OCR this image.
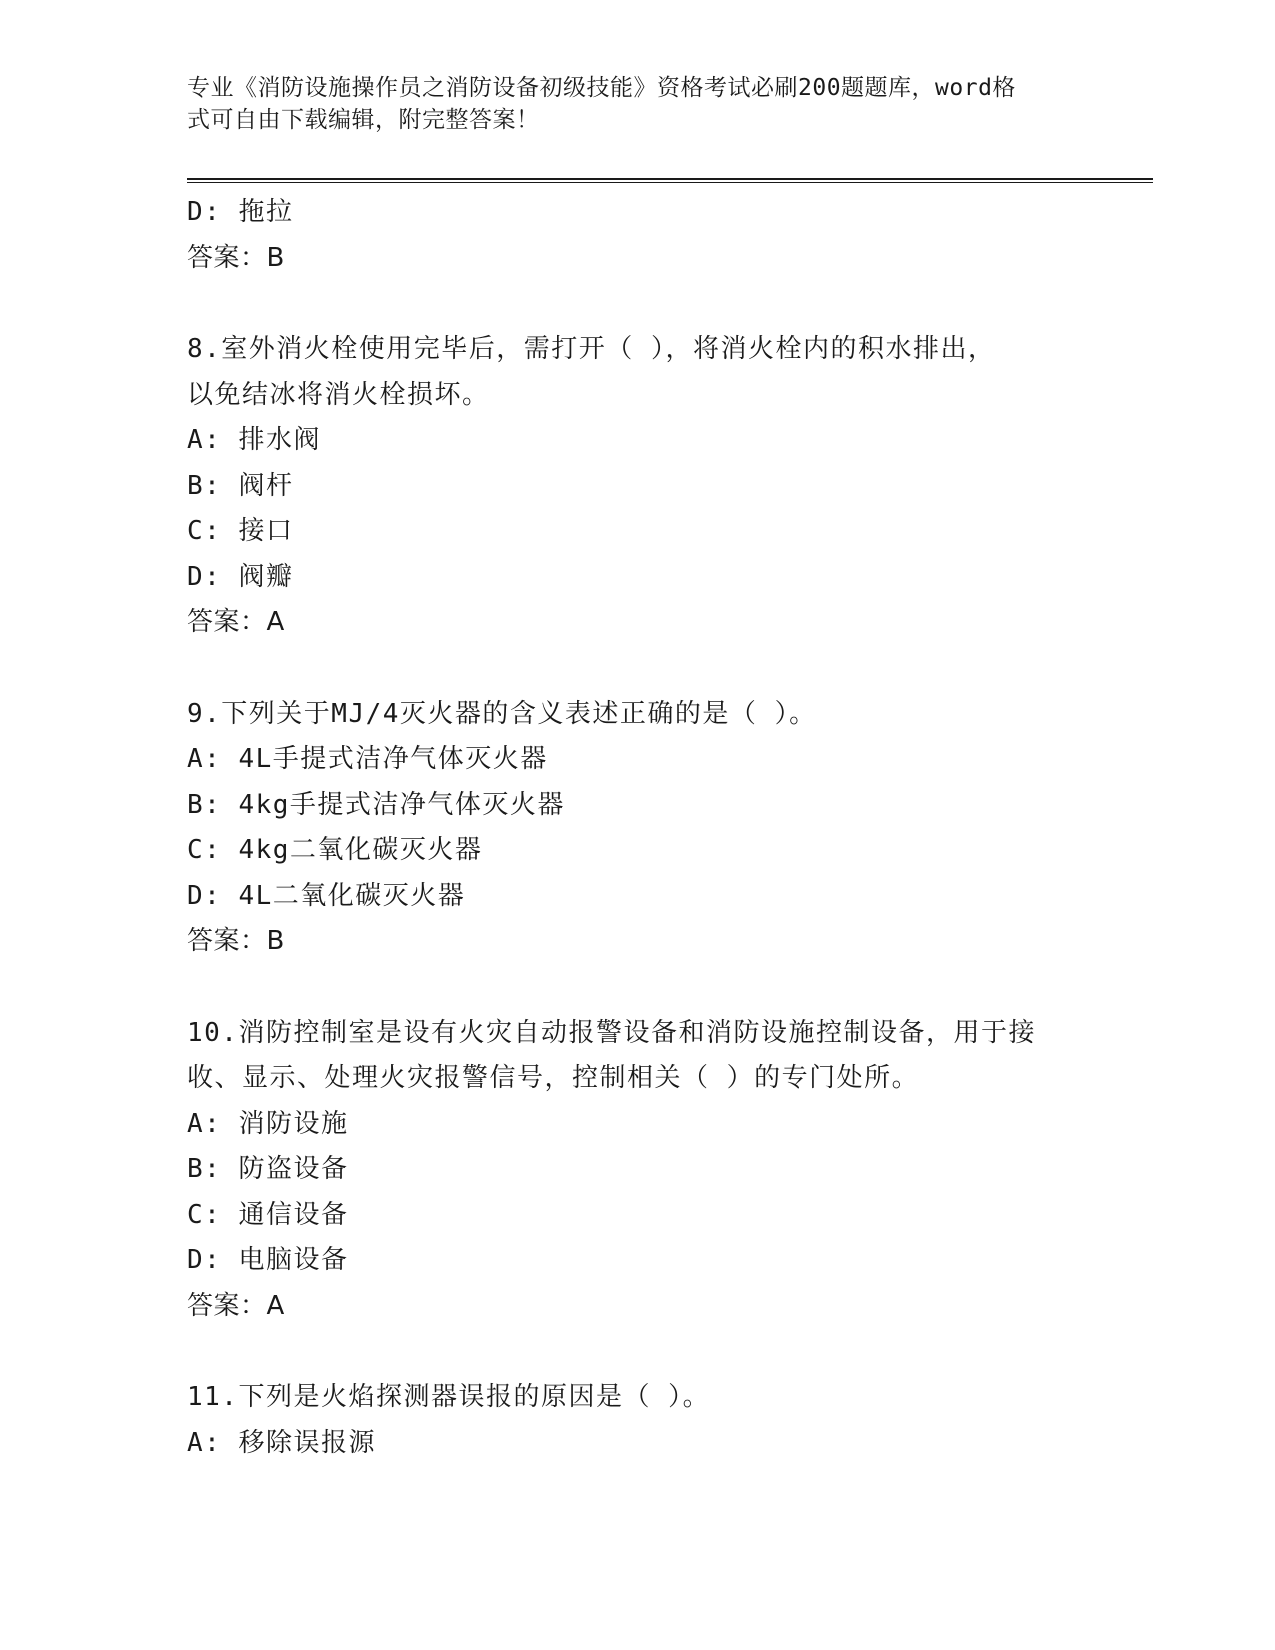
专业《消防设施操作员之消防设备初级技能》资格考试必刷200题题库，word格
式可自由下载编辑，附完整答案！
D: 拖拉
答案：B
8.室外消火栓使用完毕后，需打开（ ），将消火栓内的积水排出，
以免结冰将消火栓损坏。
A: 排水阀
B: 阀杆
C: 接口
D: 阀瓣
答案：A
9.下列关于MJ/4灭火器的含义表述正确的是（ ）。
A: 4L手提式洁净气体灭火器
B: 4kg手提式洁净气体灭火器
C: 4kg二氧化碳灭火器
D: 4L二氧化碳灭火器
答案：B
10.消防控制室是设有火灾自动报警设备和消防设施控制设备，用于接
收、显示、处理火灾报警信号，控制相关（ ）的专门处所。
A: 消防设施
B: 防盗设备
C: 通信设备
D: 电脑设备
答案：A
11.下列是火焰探测器误报的原因是（ ）。
A: 移除误报源
